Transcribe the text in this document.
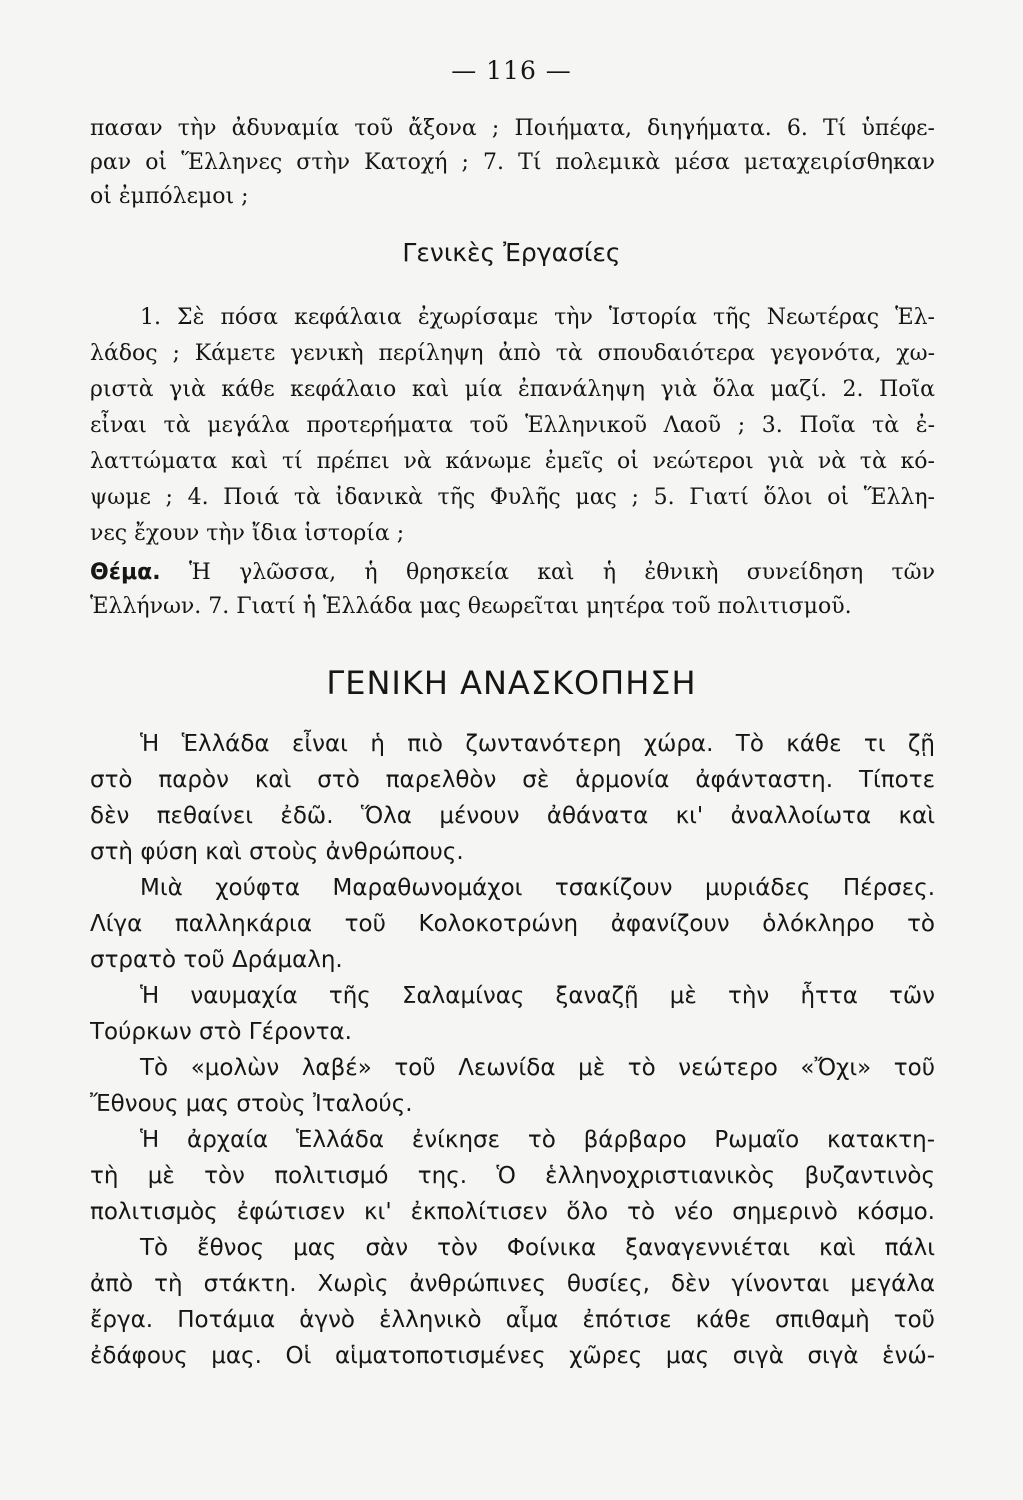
— 116 —
πασαν τὴν ἀδυναμία τοῦ ἄξονα ; Ποιήματα, διηγήματα. 6. Τί ὑπέφε-
ραν οἱ Ἕλληνες στὴν Κατοχή ; 7. Τί πολεμικὰ μέσα μεταχειρίσθηκαν
οἱ ἐμπόλεμοι ;
Γενικὲς Ἐργασίες
1. Σὲ πόσα κεφάλαια ἐχωρίσαμε τὴν Ἱστορία τῆς Νεωτέρας Ἑλ-
λάδος ; Κάμετε γενικὴ περίληψη ἀπὸ τὰ σπουδαιότερα γεγονότα, χω-
ριστὰ γιὰ κάθε κεφάλαιο καὶ μία ἐπανάληψη γιὰ ὅλα μαζί. 2. Ποῖα
εἶναι τὰ μεγάλα προτερήματα τοῦ Ἑλληνικοῦ Λαοῦ ; 3. Ποῖα τὰ ἐ-
λαττώματα καὶ τί πρέπει νὰ κάνωμε ἐμεῖς οἱ νεώτεροι γιὰ νὰ τὰ κό-
ψωμε ; 4. Ποιά τὰ ἰδανικὰ τῆς Φυλῆς μας ; 5. Γιατί ὅλοι οἱ Ἕλλη-
νες ἔχουν τὴν ἴδια ἱστορία ;
Θέμα. Ἡ γλῶσσα, ἡ θρησκεία καὶ ἡ ἐθνικὴ συνείδηση τῶν
Ἑλλήνων. 7. Γιατί ἡ Ἑλλάδα μας θεωρεῖται μητέρα τοῦ πολιτισμοῦ.
ΓΕΝΙΚΗ ΑΝΑΣΚΟΠΗΣΗ
Ἡ Ἑλλάδα εἶναι ἡ πιὸ ζωντανότερη χώρα. Τὸ κάθε τι ζῇ
στὸ παρὸν καὶ στὸ παρελθὸν σὲ ἁρμονία ἀφάνταστη. Τίποτε
δὲν πεθαίνει ἐδῶ. Ὅλα μένουν ἀθάνατα κι' ἀναλλοίωτα καὶ
στὴ φύση καὶ στοὺς ἀνθρώπους.
Μιὰ χούφτα Μαραθωνομάχοι τσακίζουν μυριάδες Πέρσες.
Λίγα παλληκάρια τοῦ Κολοκοτρώνη ἀφανίζουν ὁλόκληρο τὸ
στρατὸ τοῦ Δράμαλη.
Ἡ ναυμαχία τῆς Σαλαμίνας ξαναζῇ μὲ τὴν ἧττα τῶν
Τούρκων στὸ Γέροντα.
Τὸ «μολὼν λαβέ» τοῦ Λεωνίδα μὲ τὸ νεώτερο «Ὄχι» τοῦ
Ἔθνους μας στοὺς Ἰταλούς.
Ἡ ἀρχαία Ἑλλάδα ἐνίκησε τὸ βάρβαρο Ρωμαῖο κατακτη-
τὴ μὲ τὸν πολιτισμό της. Ὁ ἑλληνοχριστιανικὸς βυζαντινὸς
πολιτισμὸς ἐφώτισεν κι' ἐκπολίτισεν ὅλο τὸ νέο σημερινὸ κόσμο.
Τὸ ἔθνος μας σὰν τὸν Φοίνικα ξαναγεννιέται καὶ πάλι
ἀπὸ τὴ στάκτη. Χωρὶς ἀνθρώπινες θυσίες, δὲν γίνονται μεγάλα
ἔργα. Ποτάμια ἁγνὸ ἑλληνικὸ αἷμα ἐπότισε κάθε σπιθαμὴ τοῦ
ἐδάφους μας. Οἱ αἱματοποτισμένες χῶρες μας σιγὰ σιγὰ ἑνώ-
